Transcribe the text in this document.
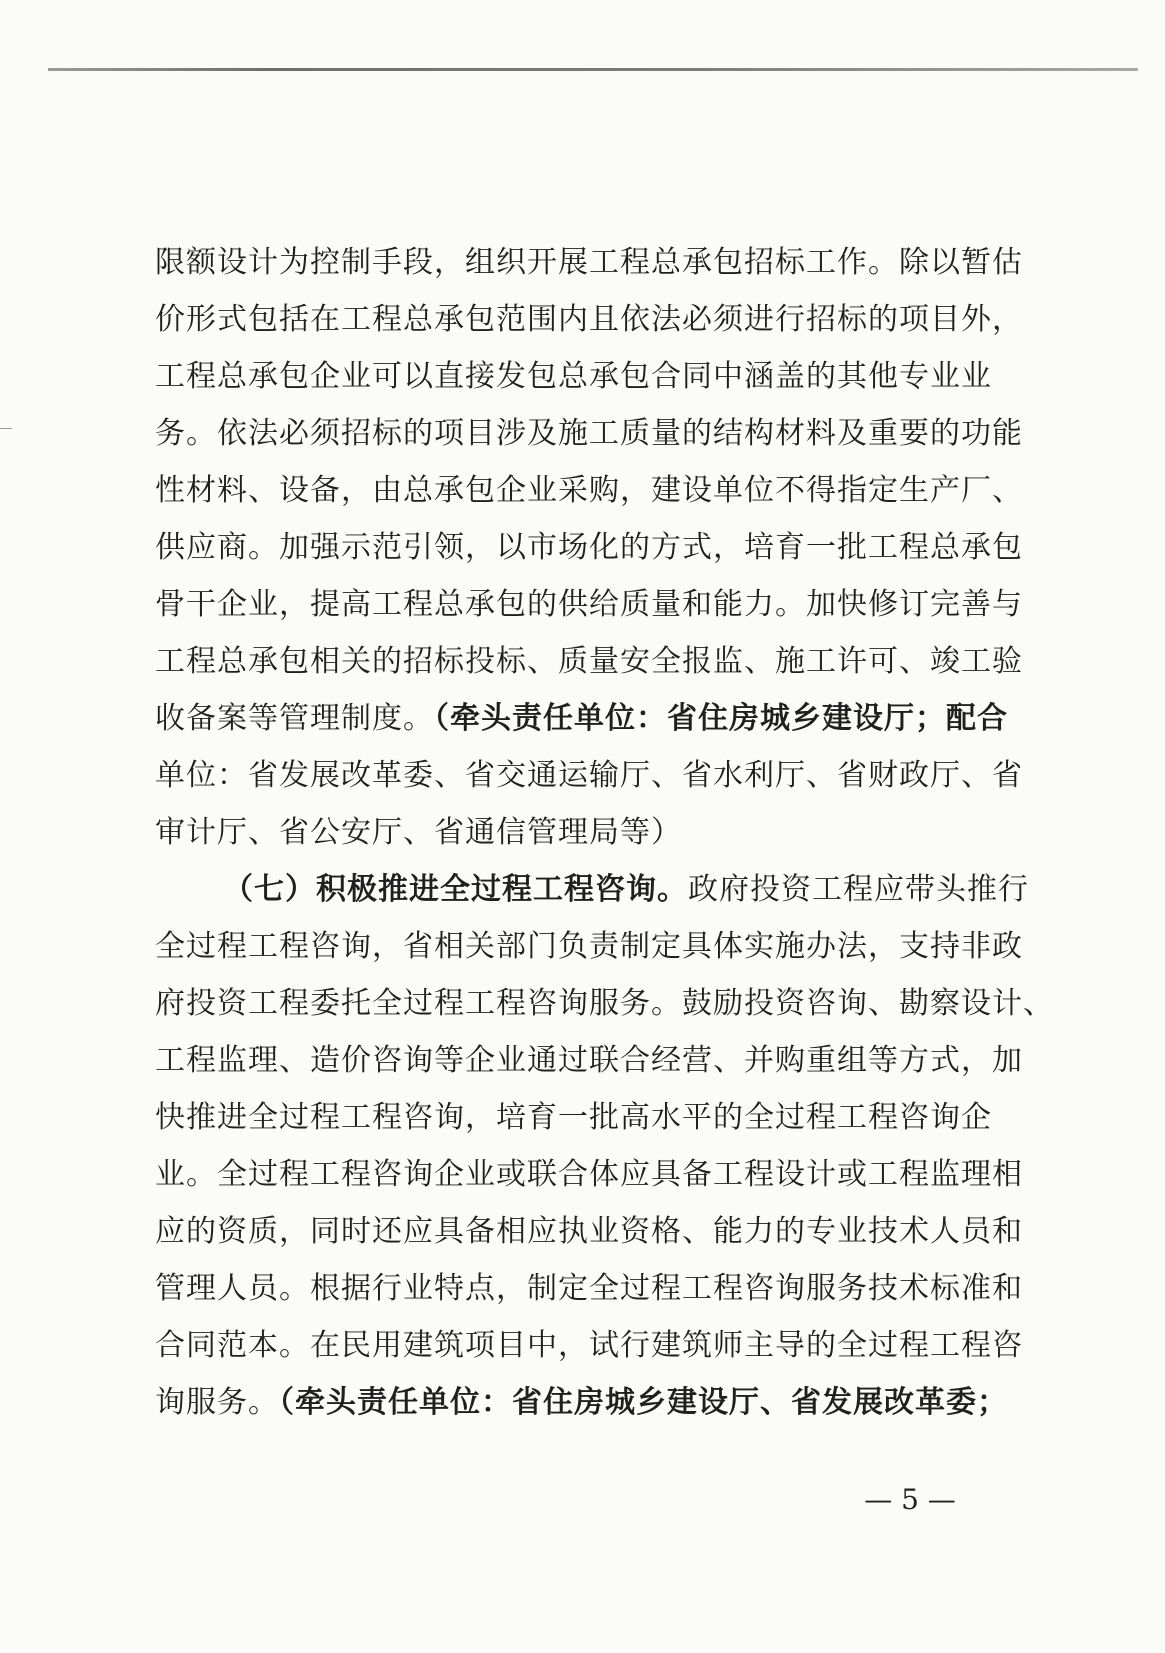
限额设计为控制手段，组织开展工程总承包招标工作。除以暂估
价形式包括在工程总承包范围内且依法必须进行招标的项目外，
工程总承包企业可以直接发包总承包合同中涵盖的其他专业业
务。依法必须招标的项目涉及施工质量的结构材料及重要的功能
性材料、设备，由总承包企业采购，建设单位不得指定生产厂、
供应商。加强示范引领，以市场化的方式，培育一批工程总承包
骨干企业，提高工程总承包的供给质量和能力。加快修订完善与
工程总承包相关的招标投标、质量安全报监、施工许可、竣工验
收备案等管理制度。（牵头责任单位：省住房城乡建设厅；配合
单位：省发展改革委、省交通运输厅、省水利厅、省财政厅、省
审计厅、省公安厅、省通信管理局等）
（七）积极推进全过程工程咨询。政府投资工程应带头推行
全过程工程咨询，省相关部门负责制定具体实施办法，支持非政
府投资工程委托全过程工程咨询服务。鼓励投资咨询、勘察设计、
工程监理、造价咨询等企业通过联合经营、并购重组等方式，加
快推进全过程工程咨询，培育一批高水平的全过程工程咨询企
业。全过程工程咨询企业或联合体应具备工程设计或工程监理相
应的资质，同时还应具备相应执业资格、能力的专业技术人员和
管理人员。根据行业特点，制定全过程工程咨询服务技术标准和
合同范本。在民用建筑项目中，试行建筑师主导的全过程工程咨
询服务。（牵头责任单位：省住房城乡建设厅、省发展改革委；
— 5 —
